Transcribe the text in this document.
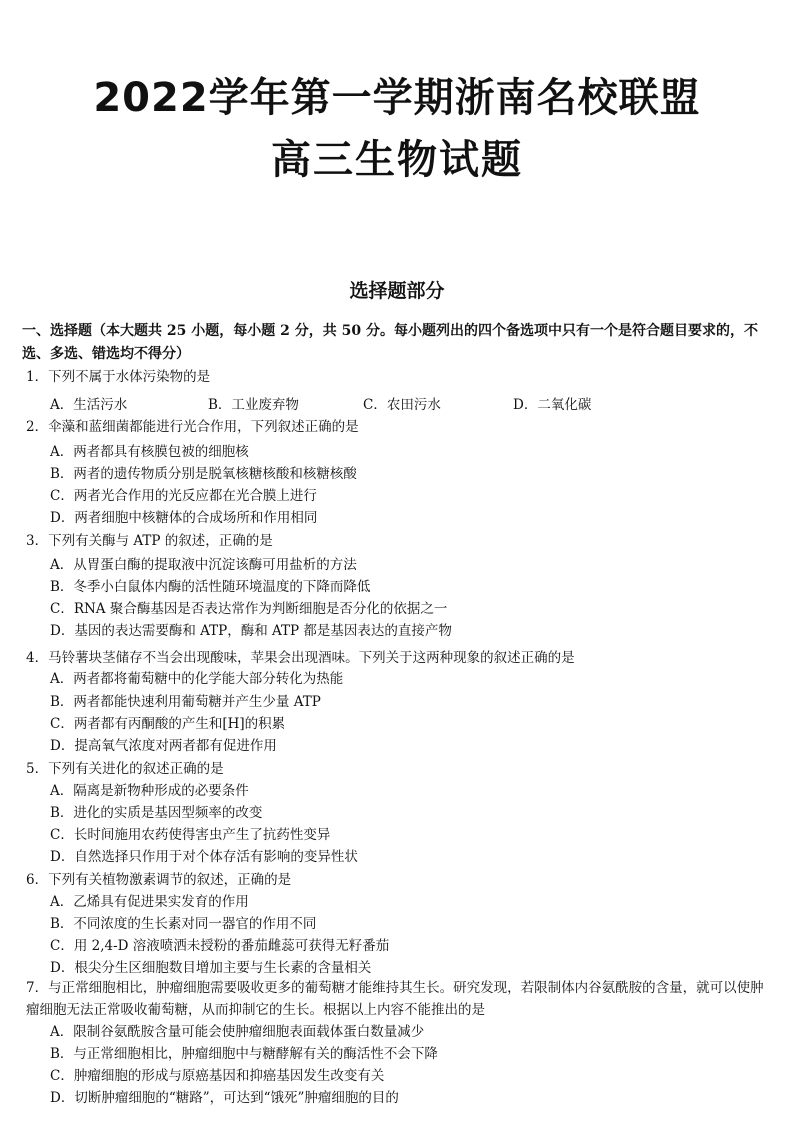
2022学年第一学期浙南名校联盟
高三生物试题
选择题部分
一、选择题（本大题共 25 小题，每小题 2 分，共 50 分。每小题列出的四个备选项中只有一个是符合题目要求的，不选、多选、错选均不得分）
1．下列不属于水体污染物的是
A．生活污水	B．工业废弃物	C．农田污水	D．二氧化碳
2．伞藻和蓝细菌都能进行光合作用，下列叙述正确的是
A．两者都具有核膜包被的细胞核
B．两者的遗传物质分别是脱氧核糖核酸和核糖核酸
C．两者光合作用的光反应都在光合膜上进行
D．两者细胞中核糖体的合成场所和作用相同
3．下列有关酶与 ATP 的叙述，正确的是
A．从胃蛋白酶的提取液中沉淀该酶可用盐析的方法
B．冬季小白鼠体内酶的活性随环境温度的下降而降低
C．RNA 聚合酶基因是否表达常作为判断细胞是否分化的依据之一
D．基因的表达需要酶和 ATP，酶和 ATP 都是基因表达的直接产物
4．马铃薯块茎储存不当会出现酸味，苹果会出现酒味。下列关于这两种现象的叙述正确的是
A．两者都将葡萄糖中的化学能大部分转化为热能
B．两者都能快速利用葡萄糖并产生少量 ATP
C．两者都有丙酮酸的产生和[H]的积累
D．提高氧气浓度对两者都有促进作用
5．下列有关进化的叙述正确的是
A．隔离是新物种形成的必要条件
B．进化的实质是基因型频率的改变
C．长时间施用农药使得害虫产生了抗药性变异
D．自然选择只作用于对个体存活有影响的变异性状
6．下列有关植物激素调节的叙述，正确的是
A．乙烯具有促进果实发育的作用
B．不同浓度的生长素对同一器官的作用不同
C．用 2,4-D 溶液喷洒未授粉的番茄雌蕊可获得无籽番茄
D．根尖分生区细胞数目增加主要与生长素的含量相关
7．与正常细胞相比，肿瘤细胞需要吸收更多的葡萄糖才能维持其生长。研究发现，若限制体内谷氨酰胺的含量，就可以使肿瘤细胞无法正常吸收葡萄糖，从而抑制它的生长。根据以上内容不能推出的是
A．限制谷氨酰胺含量可能会使肿瘤细胞表面载体蛋白数量减少
B．与正常细胞相比，肿瘤细胞中与糖酵解有关的酶活性不会下降
C．肿瘤细胞的形成与原癌基因和抑癌基因发生改变有关
D．切断肿瘤细胞的“糖路”，可达到“饿死”肿瘤细胞的目的
